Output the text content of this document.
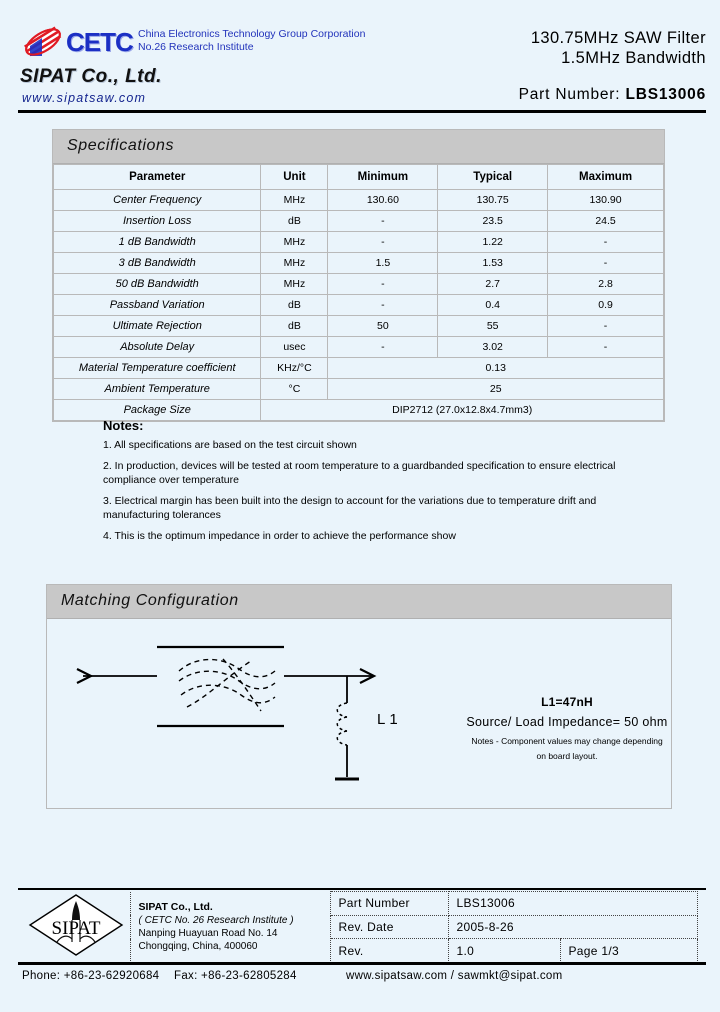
CETC China Electronics Technology Group Corporation
No.26 Research Institute
SIPAT Co., Ltd.
www.sipatsaw.com
130.75MHz SAW Filter
1.5MHz Bandwidth
Part Number: LBS13006
Specifications
Parameter	Unit	Minimum	Typical	Maximum
Center Frequency	MHz	130.60	130.75	130.90
Insertion Loss	dB	-	23.5	24.5
1 dB Bandwidth	MHz	-	1.22	-
3 dB Bandwidth	MHz	1.5	1.53	-
50 dB Bandwidth	MHz	-	2.7	2.8
Passband Variation	dB	-	0.4	0.9
Ultimate Rejection	dB	50	55	-
Absolute Delay	usec	-	3.02	-
Material Temperature coefficient	KHz/°C	0.13		
Ambient Temperature	°C	25		
Package Size	DIP2712 (27.0x12.8x4.7mm3)			
Notes:

1. All specifications are based on the test circuit shown

2. In production, devices will be tested at room temperature to a guardbanded specification to ensure electrical compliance over temperature

3. Electrical margin has been built into the design to account for the variations due to temperature drift and manufacturing tolerances

4. This is the optimum impedance in order to achieve the performance show

Matching Configuration
L1
L1=47nH
Source/ Load Impedance= 50 ohm
Notes - Component values may change depending
on board layout.
SIPAT	SIPAT Co., Ltd.
( CETC No. 26 Research Institute )
Nanping Huayuan Road No. 14
Chongqing, China, 400060	Part Number	LBS13006	
		Rev. Date	2005-8-26	
		Rev.	1.0	Page 1/3
Phone: +86-23-62920684	Fax: +86-23-62805284	www.sipatsaw.com / sawmkt@sipat.com
